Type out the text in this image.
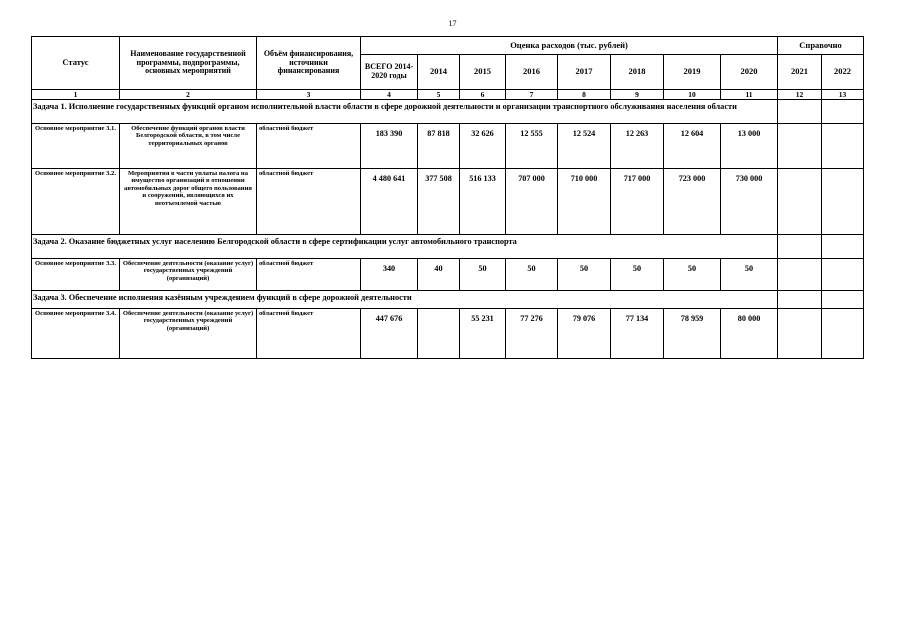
17
Статус	Наименование государственной программы, подпрограммы, основных мероприятий	Объём финансирования, источники финансирования	Оценка расходов (тыс. рублей)								Справочно	
			ВСЕГО 2014-2020 годы	2014	2015	2016	2017	2018	2019	2020	2021	2022
1	2	3	4	5	6	7	8	9	10	11	12	13
Задача 1. Исполнение государственных функций органом исполнительной власти области в сфере дорожной деятельности и организации транспортного обслуживания населения области												
Основное мероприятие 3.1.	Обеспечение функций органов власти Белгородской области, в том числе территориальных органов	областной бюджет	183 390	87 818	32 626	12 555	12 524	12 263	12 604	13 000		
Основное мероприятие 3.2.	Мероприятия в части уплаты налога на имущество организаций в отношении автомобильных дорог общего пользования и сооружений, являющихся их неотъемлемой частью	областной бюджет	4 480 641	377 508	516 133	707 000	710 000	717 000	723 000	730 000		
Задача 2. Оказание бюджетных услуг населению Белгородской области в сфере сертификации услуг автомобильного транспорта												
Основное мероприятие 3.3.	Обеспечение деятельности (оказание услуг) государственных учреждений (организаций)	областной бюджет	340	40	50	50	50	50	50	50		
Задача 3. Обеспечение исполнения казённым учреждением функций в сфере дорожной деятельности												
Основное мероприятие 3.4.	Обеспечение деятельности (оказание услуг) государственных учреждений (организаций)	областной бюджет	447 676		55 231	77 276	79 076	77 134	78 959	80 000		
